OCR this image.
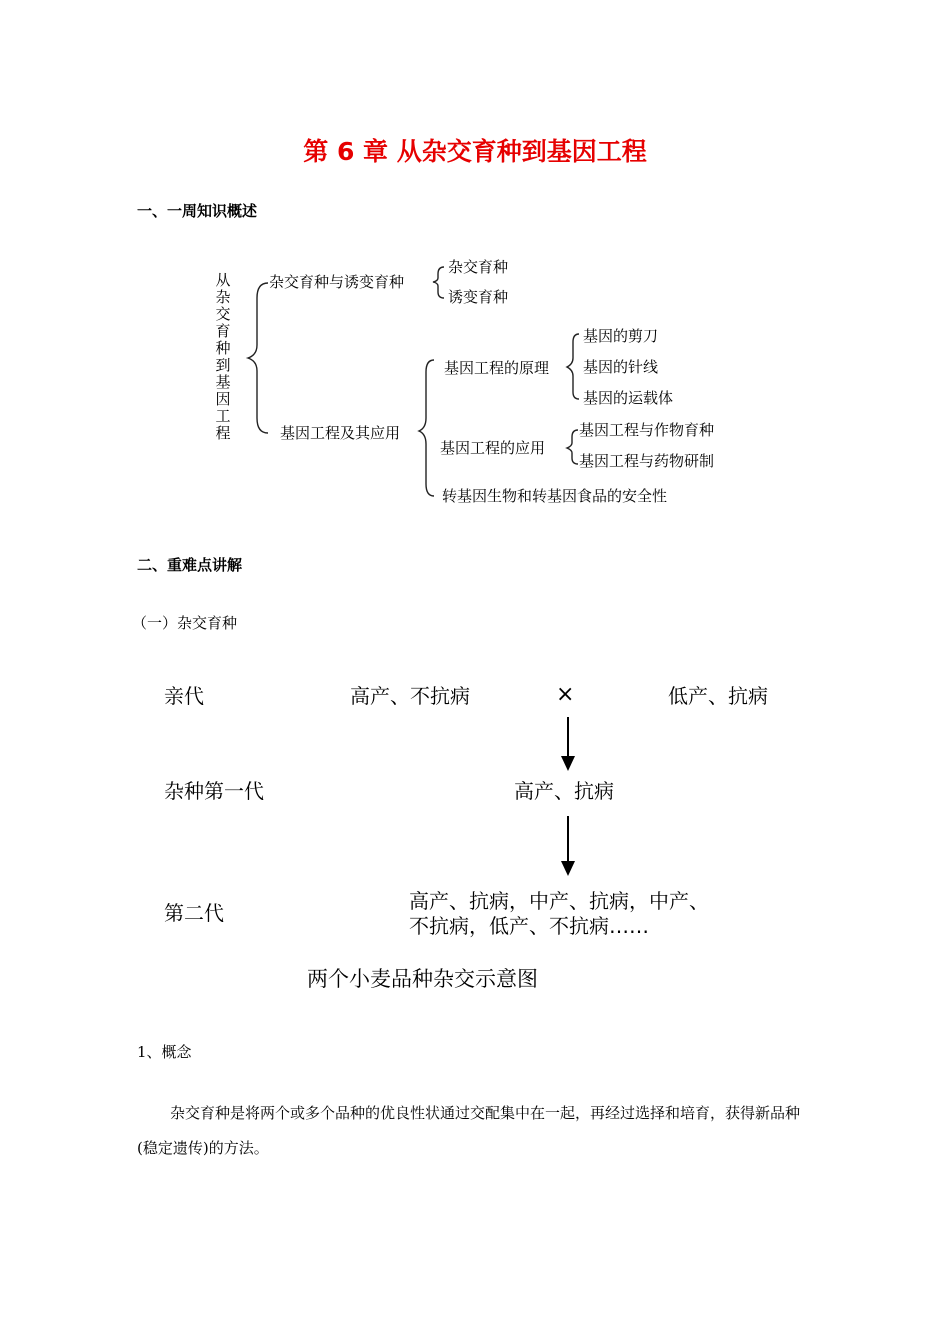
第 6 章 从杂交育种到基因工程
一、一周知识概述
从
杂
交
育
种
到
基
因
工
程
杂交育种与诱变育种
杂交育种
诱变育种
基因工程及其应用
基因工程的原理
基因的剪刀
基因的针线
基因的运载体
基因工程的应用
基因工程与作物育种
基因工程与药物研制
转基因生物和转基因食品的安全性
二、重难点讲解
（一）杂交育种
亲代	高产、不抗病	×	低产、抗病
杂种第一代	高产、抗病
第二代	高产、抗病，中产、抗病，中产、
不抗病，低产、不抗病……
两个小麦品种杂交示意图
1、概念
杂交育种是将两个或多个品种的优良性状通过交配集中在一起，再经过选择和培育，获得新品种(稳定遗传)的方法。
